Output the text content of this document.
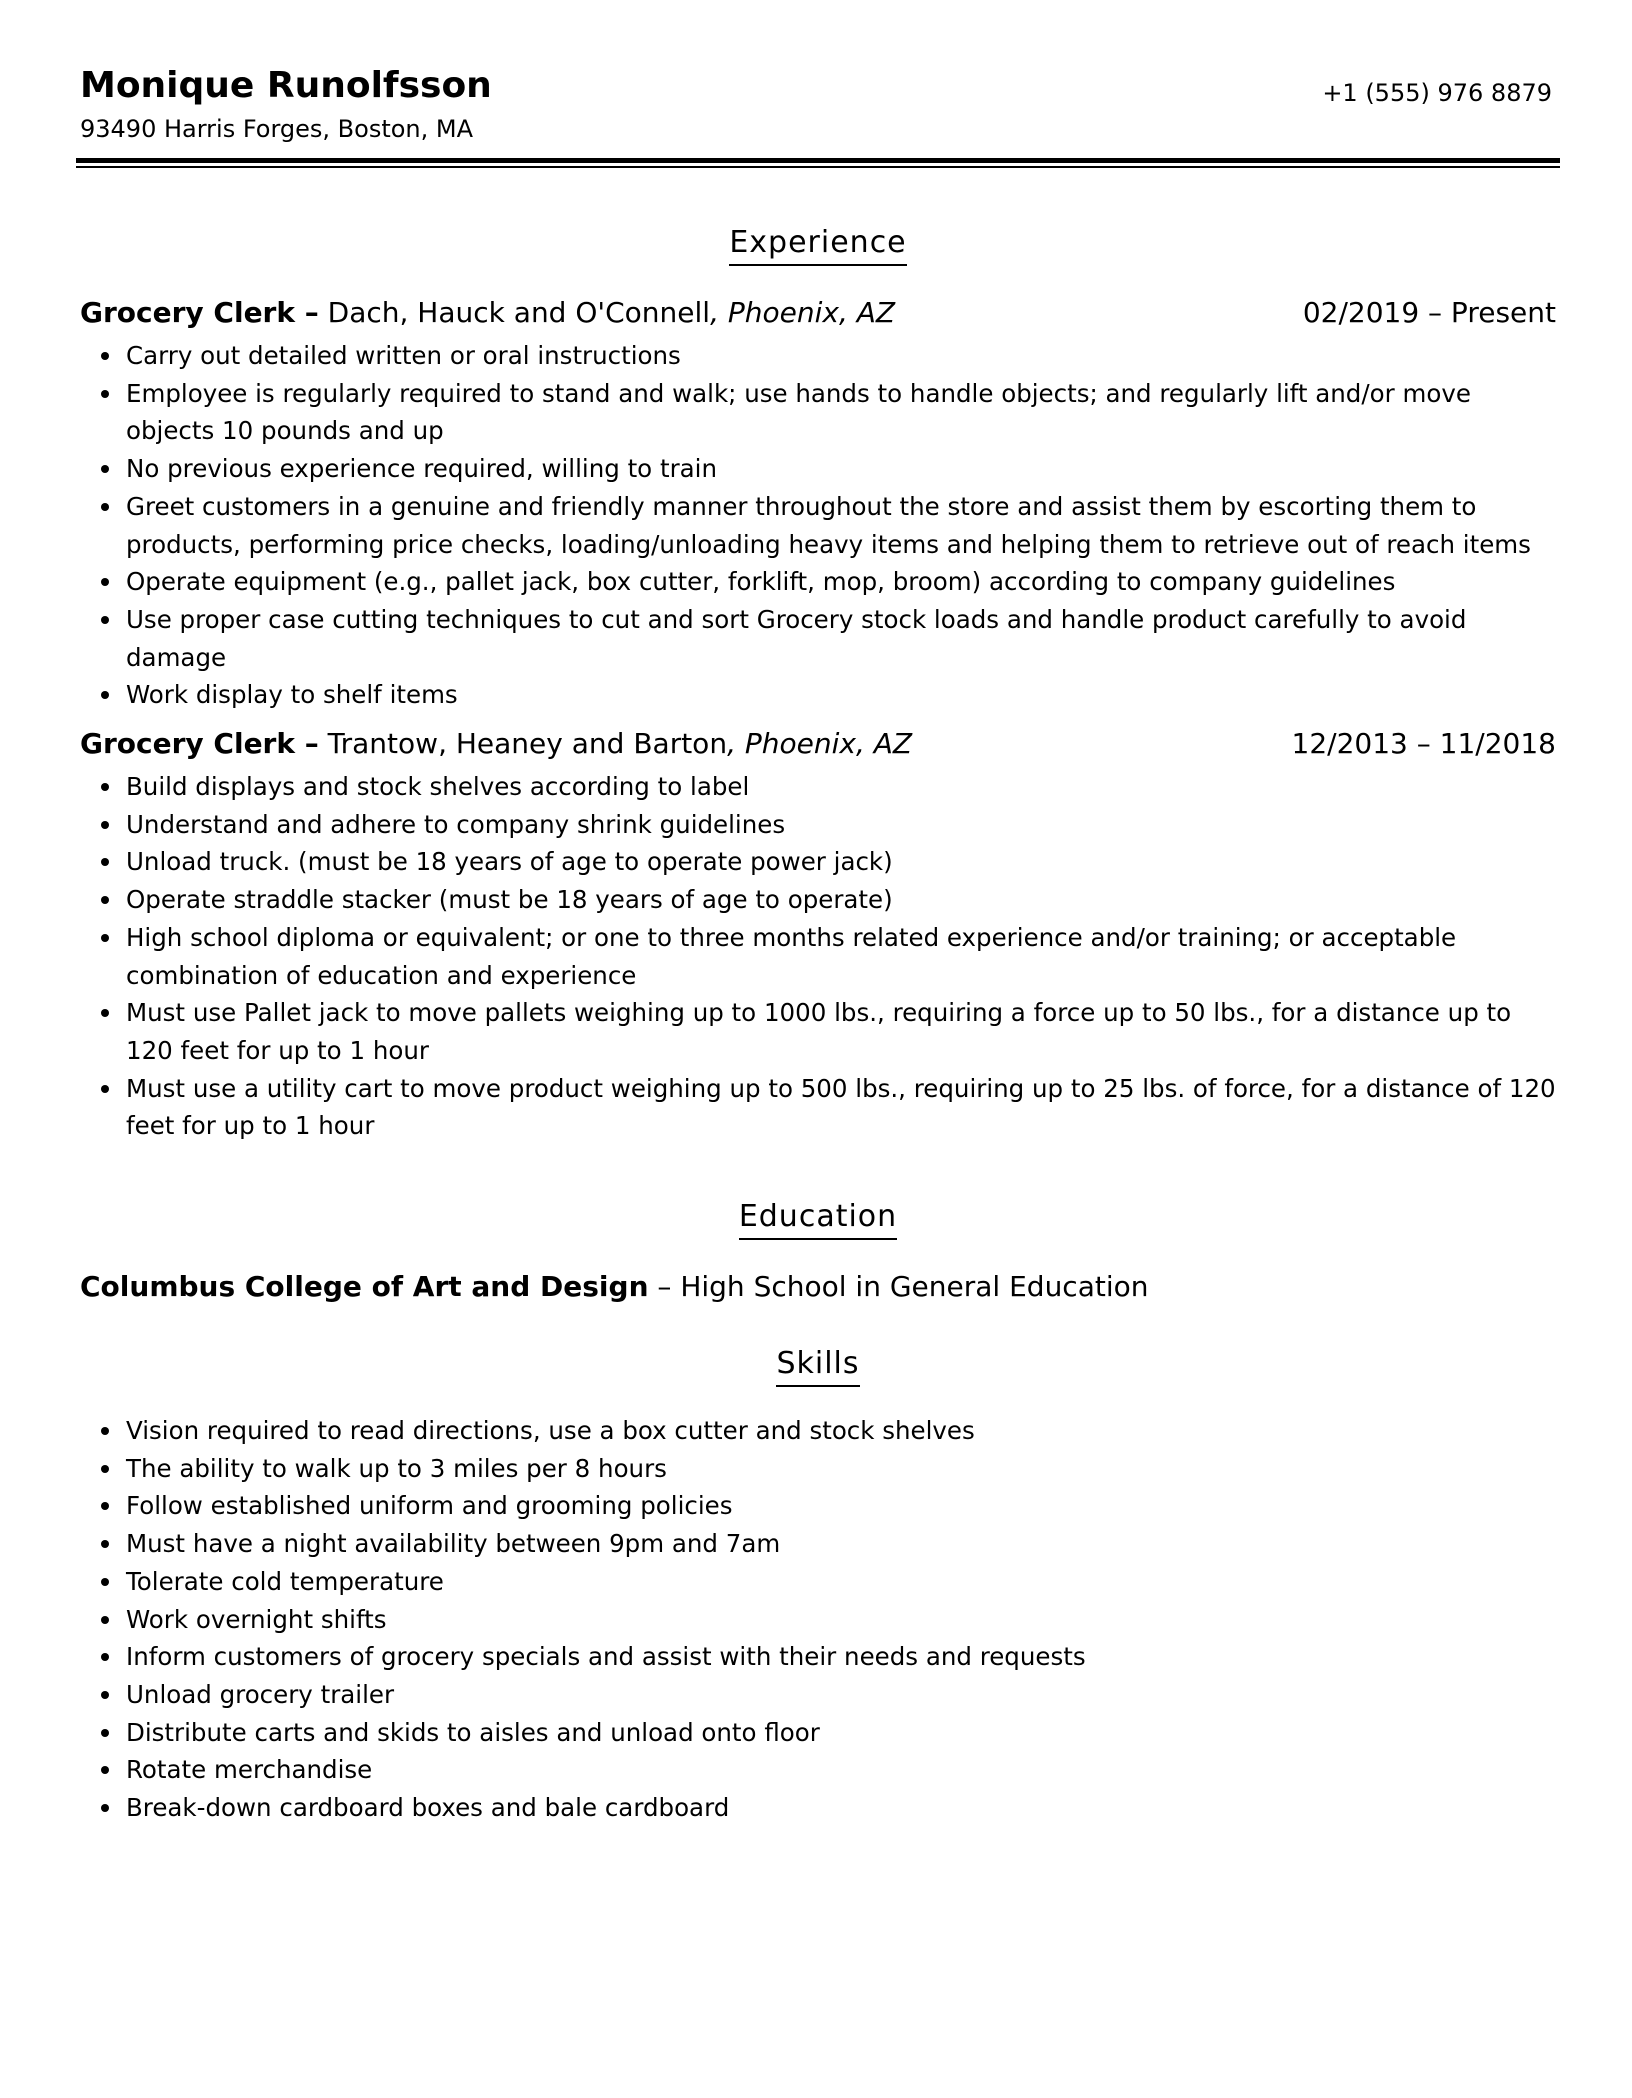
Monique Runolfsson
93490 Harris Forges, Boston, MA
+1 (555) 976 8879
Experience
Grocery Clerk – Dach, Hauck and O'Connell, Phoenix, AZ	02/2019 – Present
Carry out detailed written or oral instructions
Employee is regularly required to stand and walk; use hands to handle objects; and regularly lift and/or move objects 10 pounds and up
No previous experience required, willing to train
Greet customers in a genuine and friendly manner throughout the store and assist them by escorting them to products, performing price checks, loading/unloading heavy items and helping them to retrieve out of reach items
Operate equipment (e.g., pallet jack, box cutter, forklift, mop, broom) according to company guidelines
Use proper case cutting techniques to cut and sort Grocery stock loads and handle product carefully to avoid damage
Work display to shelf items
Grocery Clerk – Trantow, Heaney and Barton, Phoenix, AZ	12/2013 – 11/2018
Build displays and stock shelves according to label
Understand and adhere to company shrink guidelines
Unload truck. (must be 18 years of age to operate power jack)
Operate straddle stacker (must be 18 years of age to operate)
High school diploma or equivalent; or one to three months related experience and/or training; or acceptable combination of education and experience
Must use Pallet jack to move pallets weighing up to 1000 lbs., requiring a force up to 50 lbs., for a distance up to 120 feet for up to 1 hour
Must use a utility cart to move product weighing up to 500 lbs., requiring up to 25 lbs. of force, for a distance of 120 feet for up to 1 hour
Education
Columbus College of Art and Design – High School in General Education
Skills
Vision required to read directions, use a box cutter and stock shelves
The ability to walk up to 3 miles per 8 hours
Follow established uniform and grooming policies
Must have a night availability between 9pm and 7am
Tolerate cold temperature
Work overnight shifts
Inform customers of grocery specials and assist with their needs and requests
Unload grocery trailer
Distribute carts and skids to aisles and unload onto floor
Rotate merchandise
Break-down cardboard boxes and bale cardboard
